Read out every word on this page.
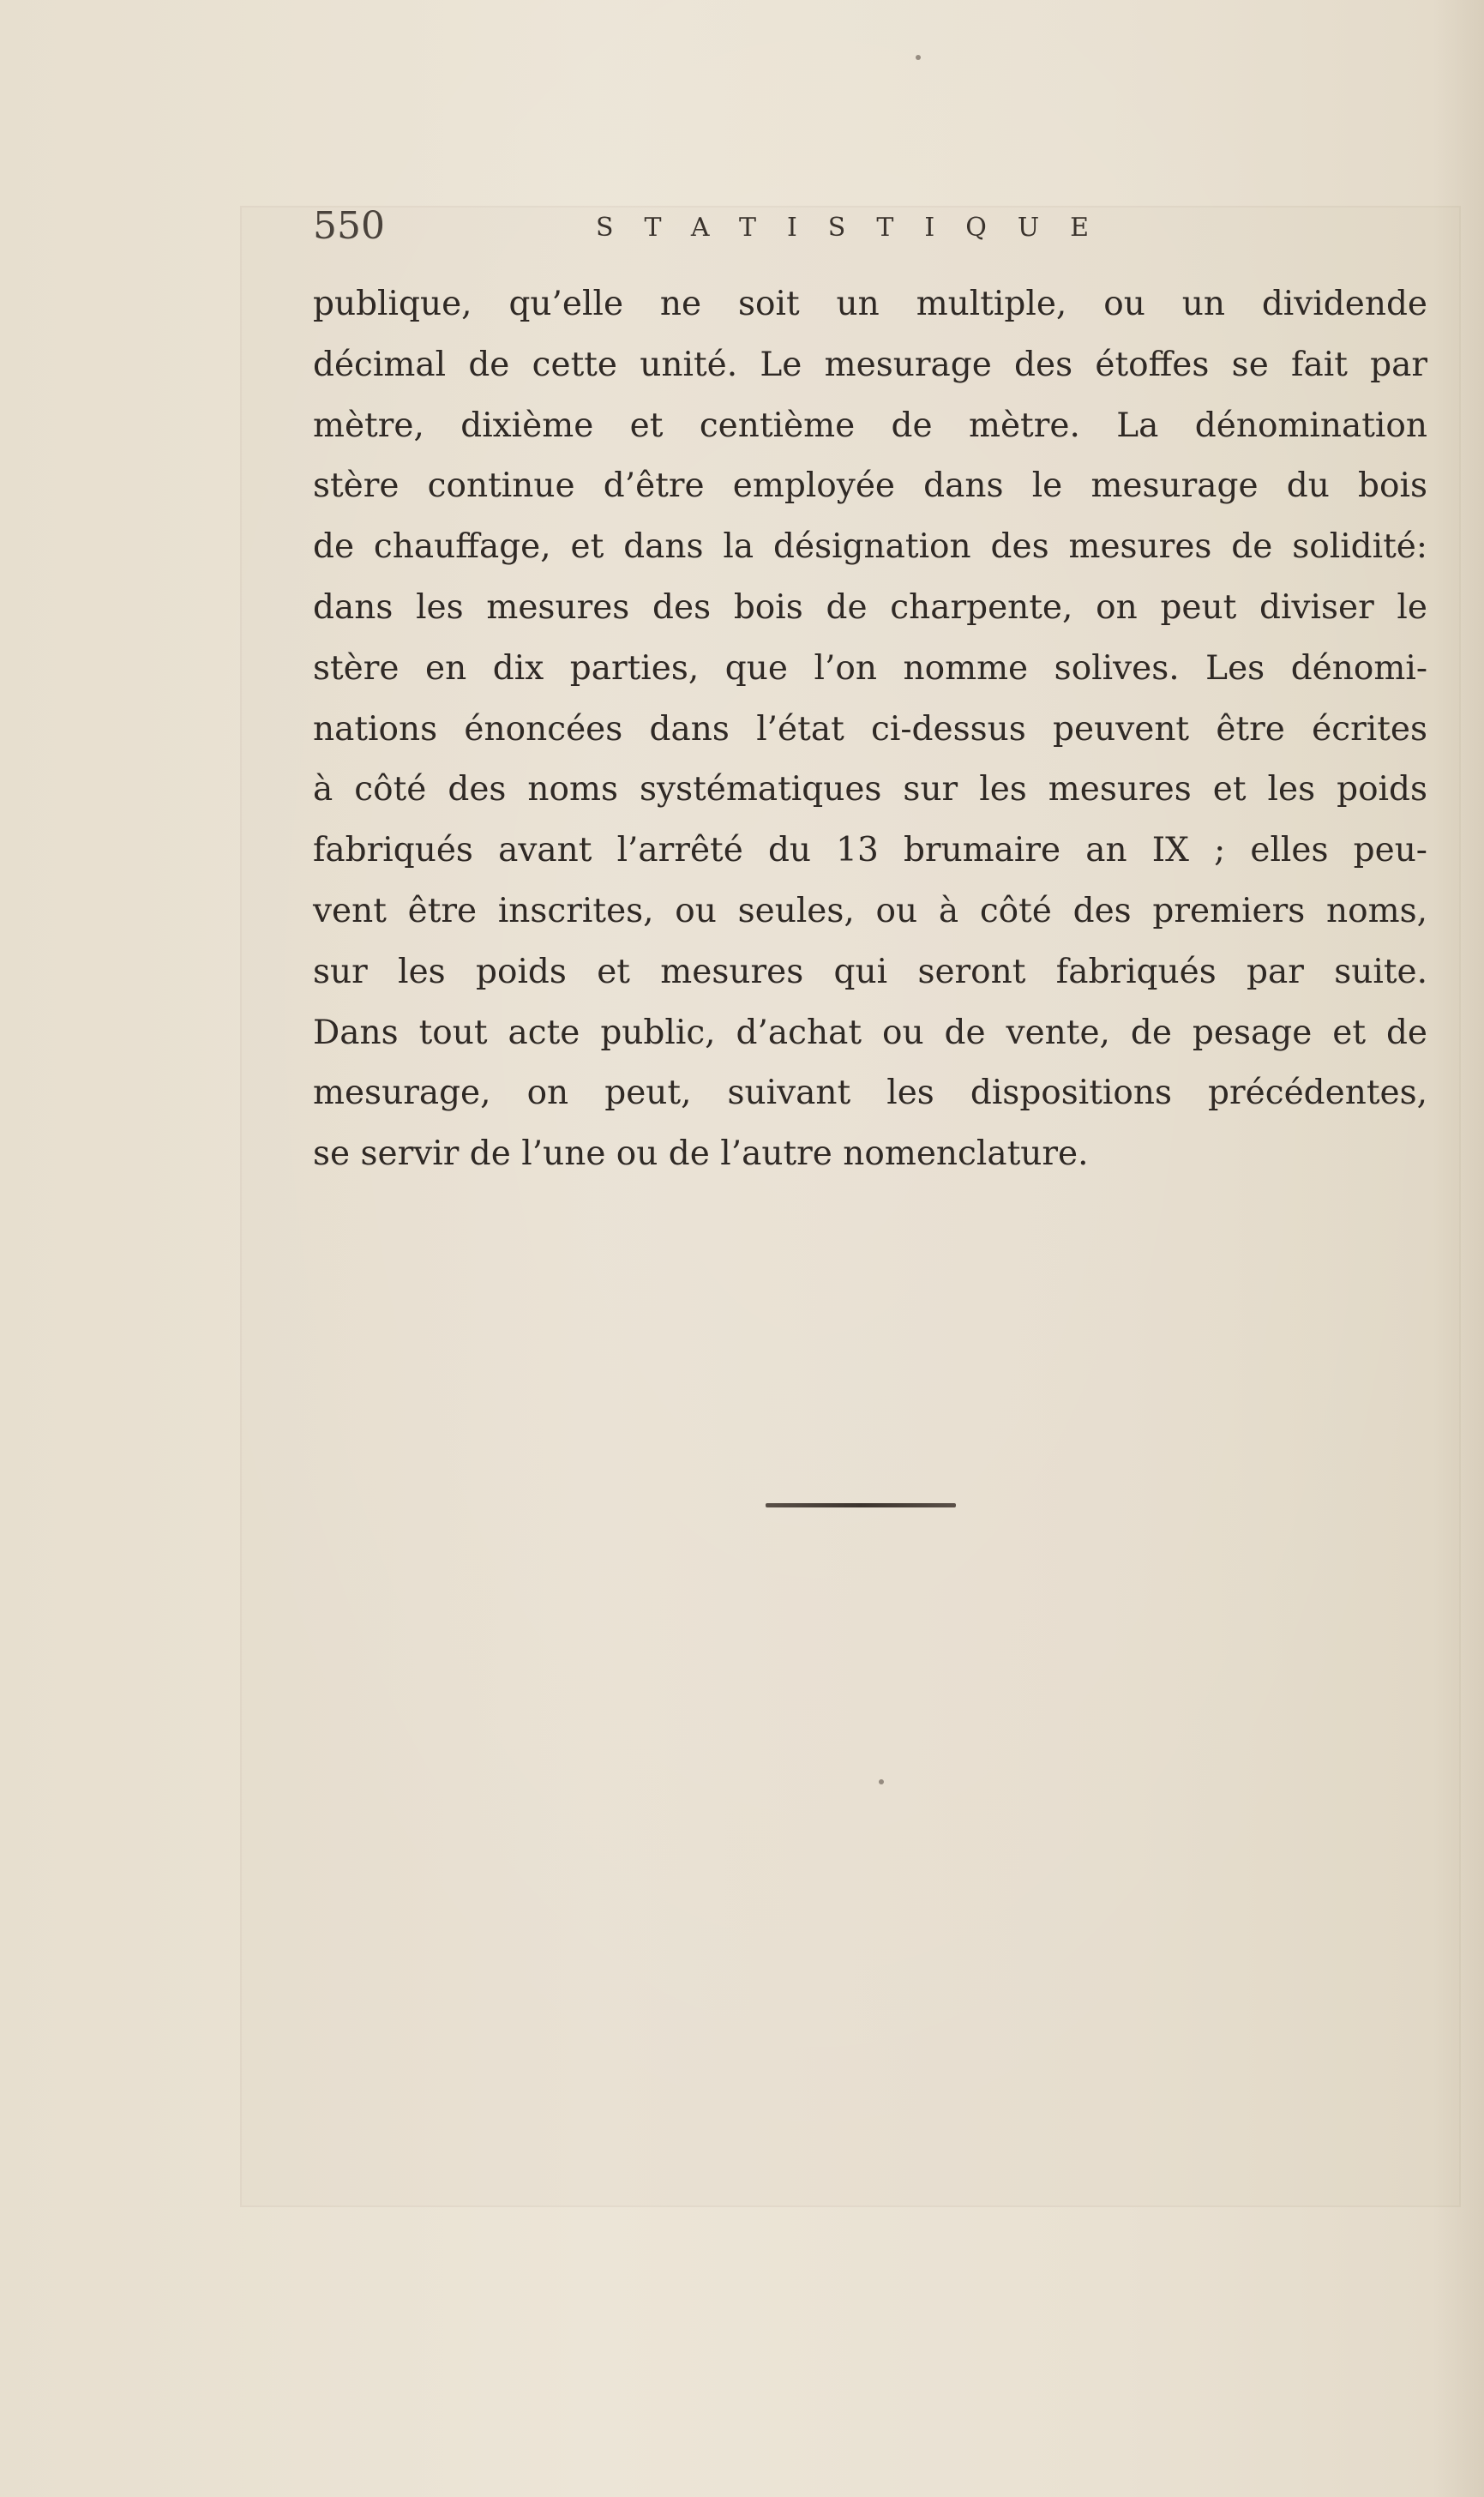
550	STATISTIQUE
publique, qu’elle ne soit un multiple, ou un dividende
décimal de cette unité. Le mesurage des étoffes se fait par
mètre, dixième et centième de mètre. La dénomination
stère continue d’être employée dans le mesurage du bois
de chauffage, et dans la désignation des mesures de solidité:
dans les mesures des bois de charpente, on peut diviser le
stère en dix parties, que l’on nomme solives. Les dénomi-
nations énoncées dans l’état ci-dessus peuvent être écrites
à côté des noms systématiques sur les mesures et les poids
fabriqués avant l’arrêté du 13 brumaire an IX ; elles peu-
vent être inscrites, ou seules, ou à côté des premiers noms,
sur les poids et mesures qui seront fabriqués par suite.
Dans tout acte public, d’achat ou de vente, de pesage et de
mesurage, on peut, suivant les dispositions précédentes,
se servir de l’une ou de l’autre nomenclature.
